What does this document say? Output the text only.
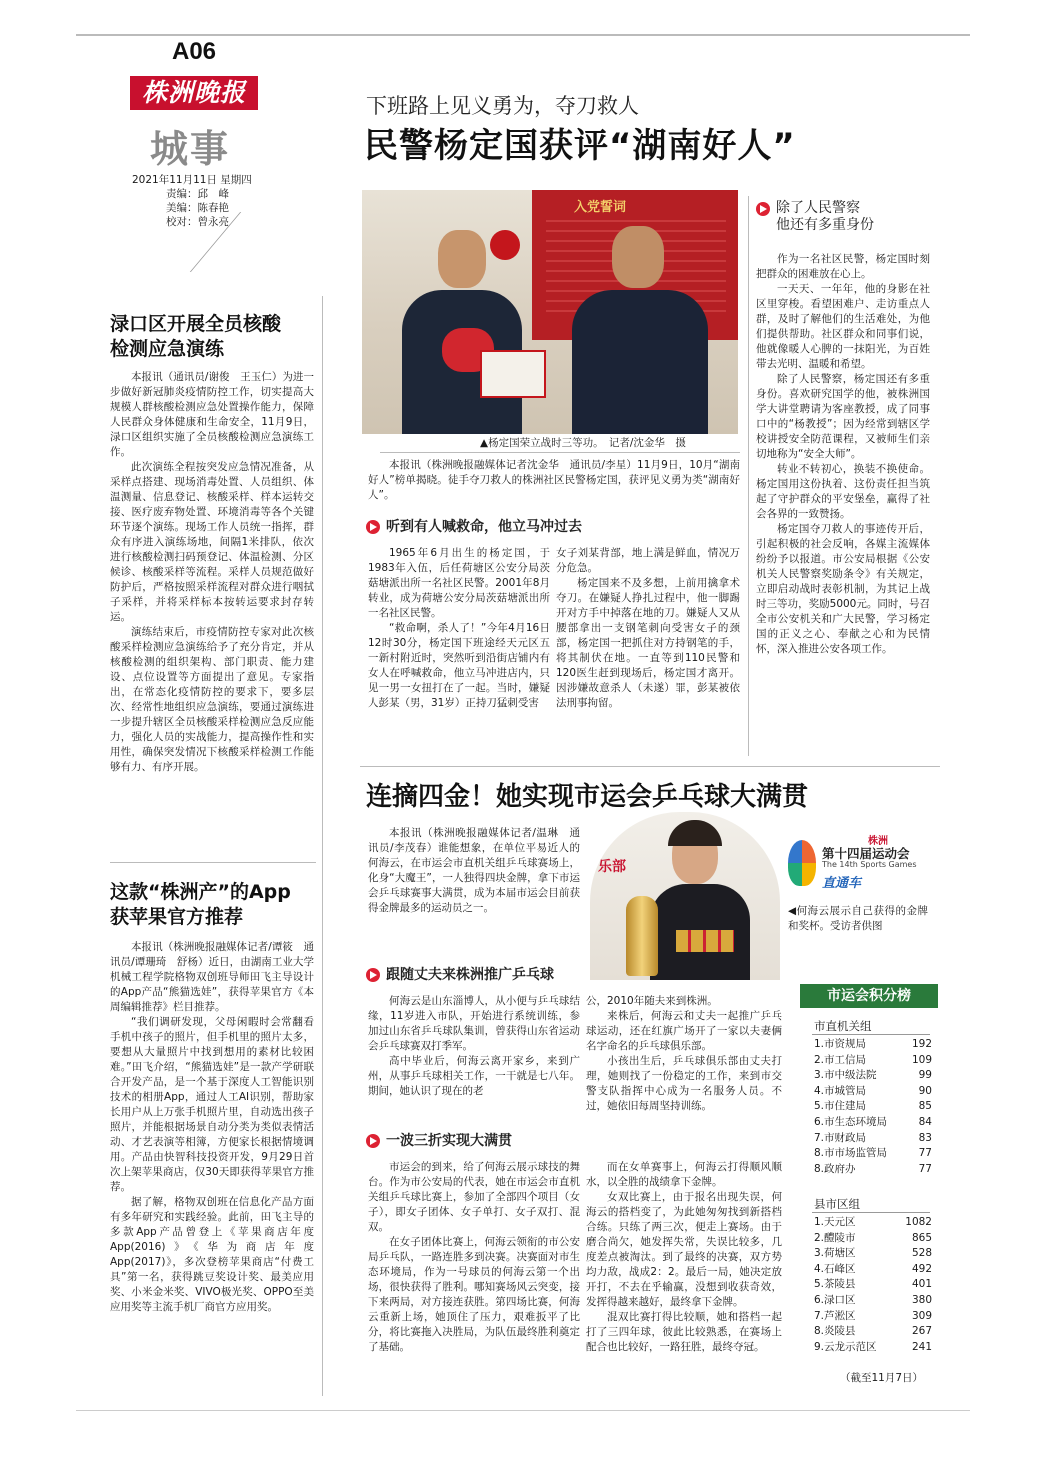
A06
株洲晚报
城事
2021年11月11日 星期四
责编：邱　峰
美编：陈春艳
校对：曾永亮
下班路上见义勇为，夺刀救人
民警杨定国获评“湖南好人”
入党誓词
▲杨定国荣立战时三等功。　记者/沈金华　摄
本报讯（株洲晚报融媒体记者沈金华　通讯员/李星）11月9日，10月“湖南好人”榜单揭晓。徒手夺刀救人的株洲社区民警杨定国，获评见义勇为类“湖南好人”。
听到有人喊救命，他立马冲过去

1965年6月出生的杨定国，于1983年入伍，后任荷塘区公安分局茨菇塘派出所一名社区民警。2001年8月转业，成为荷塘公安分局茨菇塘派出所一名社区民警。

“救命啊，杀人了！”今年4月16日12时30分，杨定国下班途经天元区五一新村附近时，突然听到沿街店铺内有女人在呼喊救命，他立马冲进店内，只见一男一女扭打在了一起。当时，嫌疑人彭某（男，31岁）正持刀猛刺受害

女子刘某背部，地上满是鲜血，情况万分危急。

杨定国来不及多想，上前用擒拿术夺刀。在嫌疑人挣扎过程中，他一脚踢开对方手中掉落在地的刀。嫌疑人又从腰部拿出一支钢笔刺向受害女子的颈部，杨定国一把抓住对方持钢笔的手，将其制伏在地。一直等到110民警和120医生赶到现场后，杨定国才离开。因涉嫌故意杀人（未遂）罪，彭某被依法刑事拘留。

除了人民警察
他还有多重身份

作为一名社区民警，杨定国时刻把群众的困难放在心上。

一天天、一年年，他的身影在社区里穿梭。看望困难户、走访重点人群，及时了解他们的生活难处，为他们提供帮助。社区群众和同事们说，他就像暖人心脾的一抹阳光，为百姓带去光明、温暖和希望。

除了人民警察，杨定国还有多重身份。喜欢研究国学的他，被株洲国学大讲堂聘请为客座教授，成了同事口中的“杨教授”；因为经常到辖区学校讲授安全防范课程，又被师生们亲切地称为“安全大师”。

转业不转初心，换装不换使命。杨定国用这份执着、这份责任担当筑起了守护群众的平安堡垒，赢得了社会各界的一致赞扬。

杨定国夺刀救人的事迹传开后，引起积极的社会反响，各媒主流媒体纷纷予以报道。市公安局根据《公安机关人民警察奖励条令》有关规定，立即启动战时表彰机制，为其记上战时三等功，奖励5000元。同时，号召全市公安机关和广大民警，学习杨定国的正义之心、奉献之心和为民情怀，深入推进公安各项工作。

渌口区开展全员核酸
检测应急演练

本报讯（通讯员/谢俊　王玉仁）为进一步做好新冠肺炎疫情防控工作，切实提高大规模人群核酸检测应急处置操作能力，保障人民群众身体健康和生命安全，11月9日，渌口区组织实施了全员核酸检测应急演练工作。

此次演练全程按突发应急情况准备，从采样点搭建、现场消毒处置、人员组织、体温测量、信息登记、核酸采样、样本运转交接、医疗废弃物处置、环境消毒等各个关键环节逐个演练。现场工作人员统一指挥，群众有序进入演练场地，间隔1米排队，依次进行核酸检测扫码预登记、体温检测、分区候诊、核酸采样等流程。采样人员规范做好防护后，严格按照采样流程对群众进行咽拭子采样，并将采样标本按转运要求封存转运。

演练结束后，市疫情防控专家对此次核酸采样检测应急演练给予了充分肯定，并从核酸检测的组织架构、部门职责、能力建设、点位设置等方面提出了意见。专家指出，在常态化疫情防控的要求下，要多层次、经常性地组织应急演练，要通过演练进一步提升辖区全员核酸采样检测应急反应能力，强化人员的实战能力，提高操作性和实用性，确保突发情况下核酸采样检测工作能够有力、有序开展。

这款“株洲产”的App
获苹果官方推荐

本报讯（株洲晚报融媒体记者/谭筱　通讯员/谭珊琦　舒杨）近日，由湖南工业大学机械工程学院格物双创班导师田飞主导设计的App产品“熊猫选娃”，获得苹果官方《本周编辑推荐》栏目推荐。

“我们调研发现，父母闲暇时会常翻看手机中孩子的照片，但手机里的照片太多，要想从大量照片中找到想用的素材比较困难。”田飞介绍，“熊猫选娃”是一款产学研联合开发产品，是一个基于深度人工智能识别技术的相册App，通过人工AI识别，帮助家长用户从上万张手机照片里，自动选出孩子照片，并能根据场景自动分类为类似表情活动、才艺表演等相簿，方便家长根据情境调用。产品由快智科技投资开发，9月29日首次上架苹果商店，仅30天即获得苹果官方推荐。

据了解，格物双创班在信息化产品方面有多年研究和实践经验。此前，田飞主导的多款App产品曾登上《苹果商店年度App(2016)》《华为商店年度App(2017)》，多次登榜苹果商店“付费工具”第一名，获得跳豆奖设计奖、最美应用奖、小米金米奖、VIVO极光奖、OPPO至美应用奖等主流手机厂商官方应用奖。

连摘四金！她实现市运会乒乓球大满贯
本报讯（株洲晚报融媒体记者/温琳　通讯员/李茂春）谁能想象，在单位平易近人的何海云，在市运会市直机关组乒乓球赛场上，化身“大魔王”，一人独得四块金牌，拿下市运会乒乓球赛事大满贯，成为本届市运会目前获得金牌最多的运动员之一。
乐部
株洲
第十四届运动会
The 14th Sports Games
直通车
◀何海云展示自己获得的金牌和奖杯。受访者供图
跟随丈夫来株洲推广乒乓球

何海云是山东淄博人，从小便与乒乓球结缘，11岁进入市队，开始进行系统训练，参加过山东省乒乓球队集训，曾获得山东省运动会乒乓球赛双打季军。

高中毕业后，何海云离开家乡，来到广州，从事乒乓球相关工作，一干就是七八年。期间，她认识了现在的老

公，2010年随夫来到株洲。

来株后，何海云和丈夫一起推广乒乓球运动，还在红旗广场开了一家以夫妻俩名字命名的乒乓球俱乐部。

小孩出生后，乒乓球俱乐部由丈夫打理，她则找了一份稳定的工作，来到市交警支队指挥中心成为一名服务人员。不过，她依旧每周坚持训练。

一波三折实现大满贯

市运会的到来，给了何海云展示球技的舞台。作为市公安局的代表，她在市运会市直机关组乒乓球比赛上，参加了全部四个项目（女子），即女子团体、女子单打、女子双打、混双。

在女子团体比赛上，何海云领衔的市公安局乒乓队，一路连胜多到决赛。决赛面对市生态环境局，作为一号球员的何海云第一个出场，很快获得了胜利。哪知赛场风云突变，接下来两局，对方接连获胜。第四场比赛，何海云重新上场，她顶住了压力，艰难扳平了比分，将比赛拖入决胜局，为队伍最终胜利奠定了基础。

而在女单赛事上，何海云打得顺风顺水，以全胜的战绩拿下金牌。

女双比赛上，由于报名出现失误，何海云的搭档变了，为此她匆匆找到新搭档合练。只练了两三次，便走上赛场。由于磨合尚欠，她发挥失常，失误比较多，几度差点被淘汰。到了最终的决赛，双方势均力敌，战成2：2。最后一局，她决定放开打，不去在乎输赢，没想到收获奇效，发挥得越来越好，最终拿下金牌。

混双比赛打得比较顺，她和搭档一起打了三四年球，彼此比较熟悉，在赛场上配合也比较好，一路狂胜，最终夺冠。

市运会积分榜
市直机关组
1.市资规局	192
2.市工信局	109
3.市中级法院	99
4.市城管局	90
5.市住建局	85
6.市生态环境局	84
7.市财政局	83
8.市市场监管局	77
8.政府办	77
县市区组
1.天元区	1082
2.醴陵市	865
3.荷塘区	528
4.石峰区	492
5.茶陵县	401
6.渌口区	380
7.芦淞区	309
8.炎陵县	267
9.云龙示范区	241
（截至11月7日）
